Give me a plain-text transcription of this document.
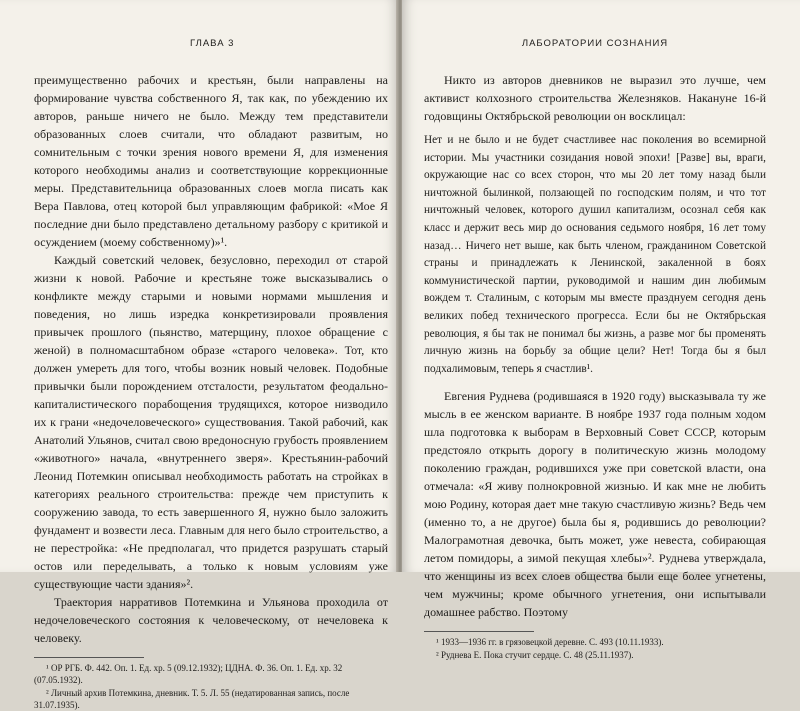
ГЛАВА 3

преимущественно рабочих и крестьян, были направлены на формирование чувства собственного Я, так как, по убеждению их авторов, раньше ничего не было. Между тем представители образованных слоев считали, что обладают развитым, но сомнительным с точки зрения нового времени Я, для изменения которого необходимы анализ и соответствующие коррекционные меры. Представительница образованных слоев могла писать как Вера Павлова, отец которой был управляющим фабрикой: «Мое Я последние дни было представлено детальному разбору с критикой и осуждением (моему собственному)»¹.

Каждый советский человек, безусловно, переходил от старой жизни к новой. Рабочие и крестьяне тоже высказывались о конфликте между старыми и новыми нормами мышления и поведения, но лишь изредка конкретизировали проявления привычек прошлого (пьянство, матерщину, плохое обращение с женой) в полномасштабном образе «старого человека». Тот, кто должен умереть для того, чтобы возник новый человек. Подобные привычки были порождением отсталости, результатом феодально-капиталистического порабощения трудящихся, которое низводило их к грани «недочеловеческого» существования. Такой рабочий, как Анатолий Ульянов, считал свою вредоносную грубость проявлением «животного» начала, «внутреннего зверя». Крестьянин-рабочий Леонид Потемкин описывал необходимость работать на стройках в категориях реального строительства: прежде чем приступить к сооружению завода, то есть завершенного Я, нужно было заложить фундамент и возвести леса. Главным для него было строительство, а не перестройка: «Не предполагал, что придется разрушать старый остов или переделывать, а только к новым условиям уже существующие части здания»².

Траектория нарративов Потемкина и Ульянова проходила от недочеловеческого состояния к человеческому, от нечеловека к человеку.

¹ ОР РГБ. Ф. 442. Оп. 1. Ед. хр. 5 (09.12.1932); ЦДНА. Ф. 36. Оп. 1. Ед. хр. 32 (07.05.1932).

² Личный архив Потемкина, дневник. Т. 5. Л. 55 (недатированная запись, после 31.07.1935).

ЛАБОРАТОРИИ СОЗНАНИЯ

Никто из авторов дневников не выразил это лучше, чем активист колхозного строительства Железняков. Накануне 16-й годовщины Октябрьской революции он восклицал:

Нет и не было и не будет счастливее нас поколения во всемирной истории. Мы участники созидания новой эпохи! [Разве] вы, враги, окружающие нас со всех сторон, что мы 20 лет тому назад были ничтожной былинкой, ползающей по господским полям, и что тот ничтожный человек, которого душил капитализм, осознал себя как класс и держит весь мир до основания седьмого ноября, 16 лет тому назад… Ничего нет выше, как быть членом, гражданином Советской страны и принадлежать к Ленинской, закаленной в боях коммунистической партии, руководимой и нашим дин любимым вождем т. Сталиным, с которым мы вместе празднуем сегодня день великих побед технического прогресса. Если бы не Октябрьская революция, я бы так не понимал бы жизнь, а разве мог бы променять личную жизнь на борьбу за общие цели? Нет! Тогда бы я был подхалимовым, теперь я счастлив¹.

Евгения Руднева (родившаяся в 1920 году) высказывала ту же мысль в ее женском варианте. В ноябре 1937 года полным ходом шла подготовка к выборам в Верховный Совет СССР, которым предстояло открыть дорогу в политическую жизнь молодому поколению граждан, родившихся уже при советской власти, она отмечала: «Я живу полнокровной жизнью. И как мне не любить мою Родину, которая дает мне такую счастливую жизнь? Ведь чем (именно то, а не другое) была бы я, родившись до революции? Малограмотная девочка, быть может, уже невеста, собирающая летом помидоры, а зимой пекущая хлебы»². Руднева утверждала, что женщины из всех слоев общества были еще более угнетены, чем мужчины; кроме обычного угнетения, они испытывали домашнее рабство. Поэтому

¹ 1933—1936 гг. в грязовецкой деревне. С. 493 (10.11.1933).

² Руднева Е. Пока стучит сердце. С. 48 (25.11.1937).
